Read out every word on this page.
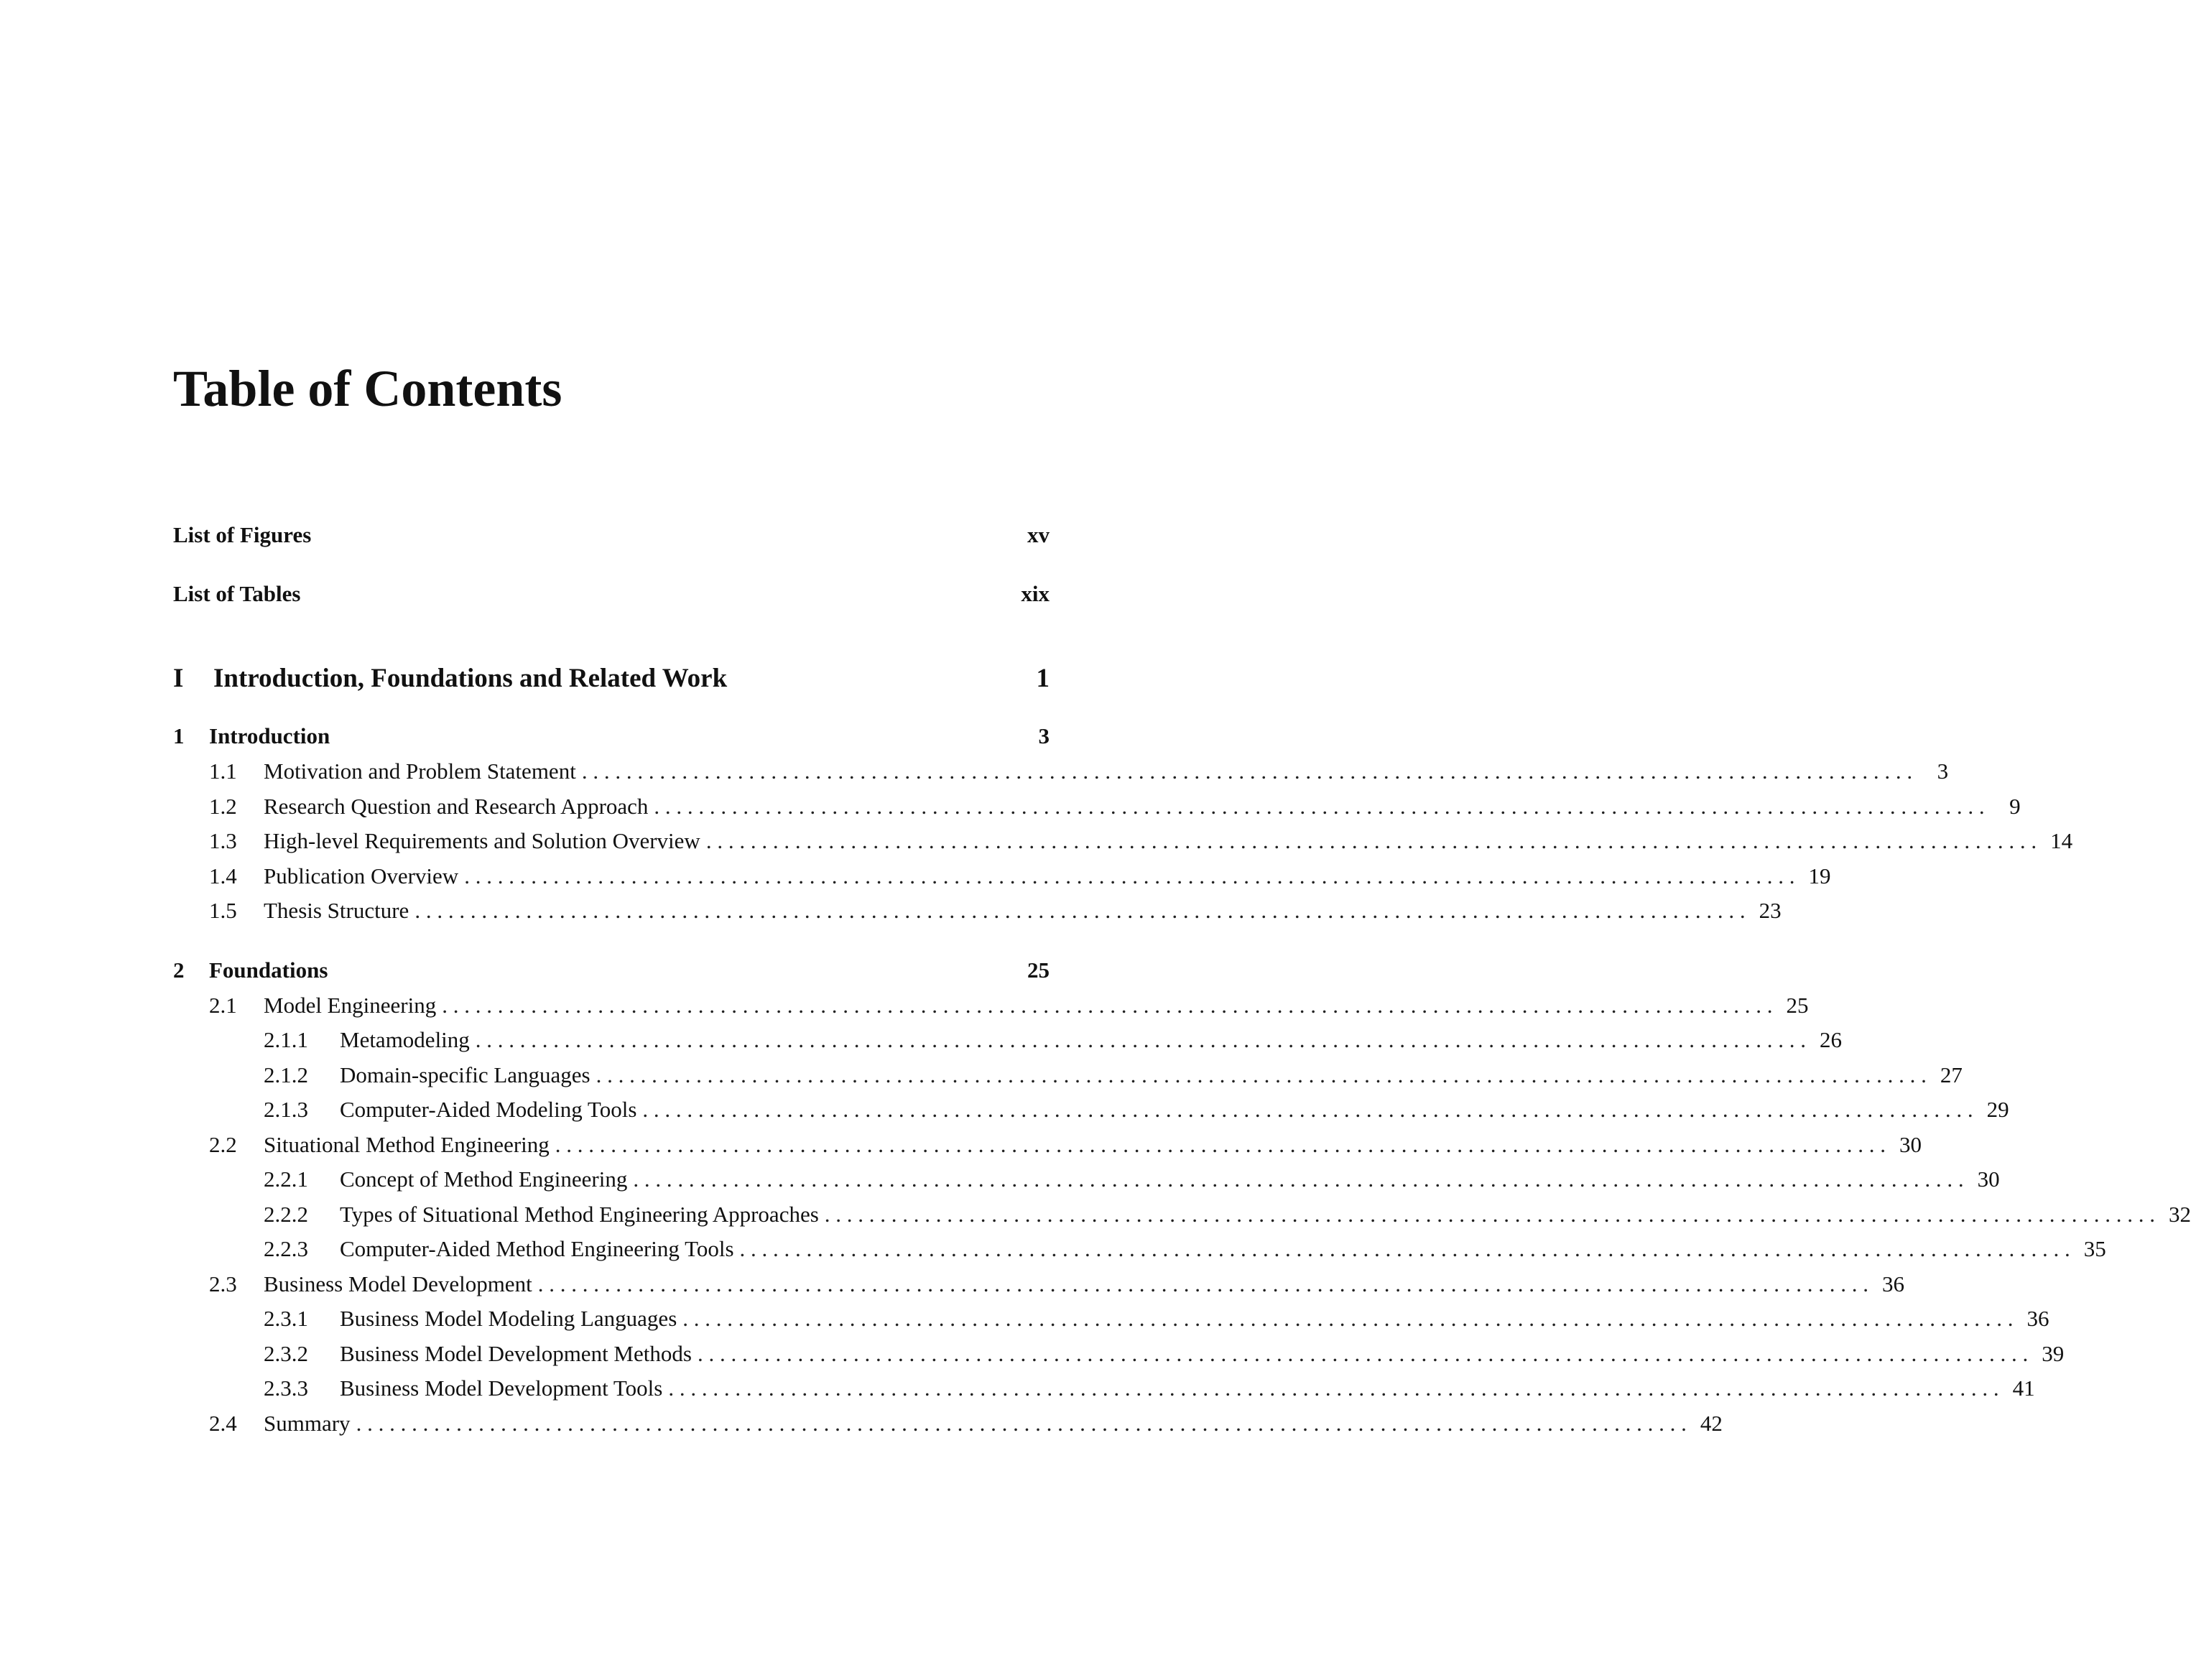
Table of Contents
List of Figures	xv
List of Tables	xix
I	Introduction, Foundations and Related Work	1
1	Introduction	3
1.1	Motivation and Problem Statement . . . . . . . . . . . . . . . . . . . . . . . . . . . . . . . . . . . . . . . . . . . . . . . . . . . . . . . . . . . . . . . . . . . . . . . . . . . . . . . . . . . . . . . . . . . . . . . . . . . . . . . . . . . . . . . . . . . . . . . .	3
1.2	Research Question and Research Approach . . . . . . . . . . . . . . . . . . . . . . . . . . . . . . . . . . . . . . . . . . . . . . . . . . . . . . . . . . . . . . . . . . . . . . . . . . . . . . . . . . . . . . . . . . . . . . . . . . . . . . . . . . . . . . . . . . . . . . . .	9
1.3	High-level Requirements and Solution Overview . . . . . . . . . . . . . . . . . . . . . . . . . . . . . . . . . . . . . . . . . . . . . . . . . . . . . . . . . . . . . . . . . . . . . . . . . . . . . . . . . . . . . . . . . . . . . . . . . . . . . . . . . . . . . . . . . . . . . . . . 14
1.4	Publication Overview . . . . . . . . . . . . . . . . . . . . . . . . . . . . . . . . . . . . . . . . . . . . . . . . . . . . . . . . . . . . . . . . . . . . . . . . . . . . . . . . . . . . . . . . . . . . . . . . . . . . . . . . . . . . . . . . . . . . . . . . 19
1.5	Thesis Structure . . . . . . . . . . . . . . . . . . . . . . . . . . . . . . . . . . . . . . . . . . . . . . . . . . . . . . . . . . . . . . . . . . . . . . . . . . . . . . . . . . . . . . . . . . . . . . . . . . . . . . . . . . . . . . . . . . . . . . . . 23
2	Foundations	25
2.1	Model Engineering . . . . . . . . . . . . . . . . . . . . . . . . . . . . . . . . . . . . . . . . . . . . . . . . . . . . . . . . . . . . . . . . . . . . . . . . . . . . . . . . . . . . . . . . . . . . . . . . . . . . . . . . . . . . . . . . . . . . . . . . 25
2.1.1	Metamodeling . . . . . . . . . . . . . . . . . . . . . . . . . . . . . . . . . . . . . . . . . . . . . . . . . . . . . . . . . . . . . . . . . . . . . . . . . . . . . . . . . . . . . . . . . . . . . . . . . . . . . . . . . . . . . . . . . . . . . . . . 26
2.1.2	Domain-specific Languages . . . . . . . . . . . . . . . . . . . . . . . . . . . . . . . . . . . . . . . . . . . . . . . . . . . . . . . . . . . . . . . . . . . . . . . . . . . . . . . . . . . . . . . . . . . . . . . . . . . . . . . . . . . . . . . . . . . . . . . . 27
2.1.3	Computer-Aided Modeling Tools . . . . . . . . . . . . . . . . . . . . . . . . . . . . . . . . . . . . . . . . . . . . . . . . . . . . . . . . . . . . . . . . . . . . . . . . . . . . . . . . . . . . . . . . . . . . . . . . . . . . . . . . . . . . . . . . . . . . . . . . 29
2.2	Situational Method Engineering . . . . . . . . . . . . . . . . . . . . . . . . . . . . . . . . . . . . . . . . . . . . . . . . . . . . . . . . . . . . . . . . . . . . . . . . . . . . . . . . . . . . . . . . . . . . . . . . . . . . . . . . . . . . . . . . . . . . . . . . 30
2.2.1	Concept of Method Engineering . . . . . . . . . . . . . . . . . . . . . . . . . . . . . . . . . . . . . . . . . . . . . . . . . . . . . . . . . . . . . . . . . . . . . . . . . . . . . . . . . . . . . . . . . . . . . . . . . . . . . . . . . . . . . . . . . . . . . . . . 30
2.2.2	Types of Situational Method Engineering Approaches . . . . . . . . . . . . . . . . . . . . . . . . . . . . . . . . . . . . . . . . . . . . . . . . . . . . . . . . . . . . . . . . . . . . . . . . . . . . . . . . . . . . . . . . . . . . . . . . . . . . . . . . . . . . . . . . . . . . . . . . 32
2.2.3	Computer-Aided Method Engineering Tools . . . . . . . . . . . . . . . . . . . . . . . . . . . . . . . . . . . . . . . . . . . . . . . . . . . . . . . . . . . . . . . . . . . . . . . . . . . . . . . . . . . . . . . . . . . . . . . . . . . . . . . . . . . . . . . . . . . . . . . . 35
2.3	Business Model Development . . . . . . . . . . . . . . . . . . . . . . . . . . . . . . . . . . . . . . . . . . . . . . . . . . . . . . . . . . . . . . . . . . . . . . . . . . . . . . . . . . . . . . . . . . . . . . . . . . . . . . . . . . . . . . . . . . . . . . . . 36
2.3.1	Business Model Modeling Languages . . . . . . . . . . . . . . . . . . . . . . . . . . . . . . . . . . . . . . . . . . . . . . . . . . . . . . . . . . . . . . . . . . . . . . . . . . . . . . . . . . . . . . . . . . . . . . . . . . . . . . . . . . . . . . . . . . . . . . . . 36
2.3.2	Business Model Development Methods . . . . . . . . . . . . . . . . . . . . . . . . . . . . . . . . . . . . . . . . . . . . . . . . . . . . . . . . . . . . . . . . . . . . . . . . . . . . . . . . . . . . . . . . . . . . . . . . . . . . . . . . . . . . . . . . . . . . . . . . 39
2.3.3	Business Model Development Tools . . . . . . . . . . . . . . . . . . . . . . . . . . . . . . . . . . . . . . . . . . . . . . . . . . . . . . . . . . . . . . . . . . . . . . . . . . . . . . . . . . . . . . . . . . . . . . . . . . . . . . . . . . . . . . . . . . . . . . . . 41
2.4	Summary . . . . . . . . . . . . . . . . . . . . . . . . . . . . . . . . . . . . . . . . . . . . . . . . . . . . . . . . . . . . . . . . . . . . . . . . . . . . . . . . . . . . . . . . . . . . . . . . . . . . . . . . . . . . . . . . . . . . . . . . 42
